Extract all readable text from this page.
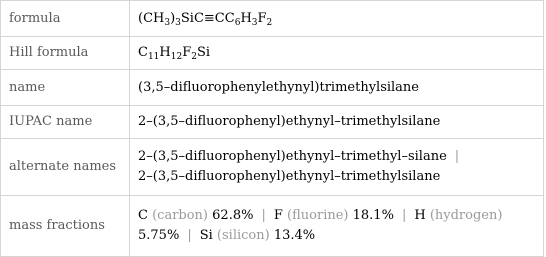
formula	$(CH_3)_3SiC\equiv CC_6H_3F_2$
Hill formula	$C_{11}H_{12}F_2Si$
name	(3,5–difluorophenylethynyl)trimethylsilane
IUPAC name	2–(3,5–difluorophenyl)ethynyl–trimethylsilane
alternate names	2–(3,5–difluorophenyl)ethynyl–trimethyl–silane |
2–(3,5–difluorophenyl)ethynyl–trimethylsilane

mass fractions	C (carbon) 62.8% | F (fluorine) 18.1% | H (hydrogen)
5.75% | Si (silicon) 13.4%
